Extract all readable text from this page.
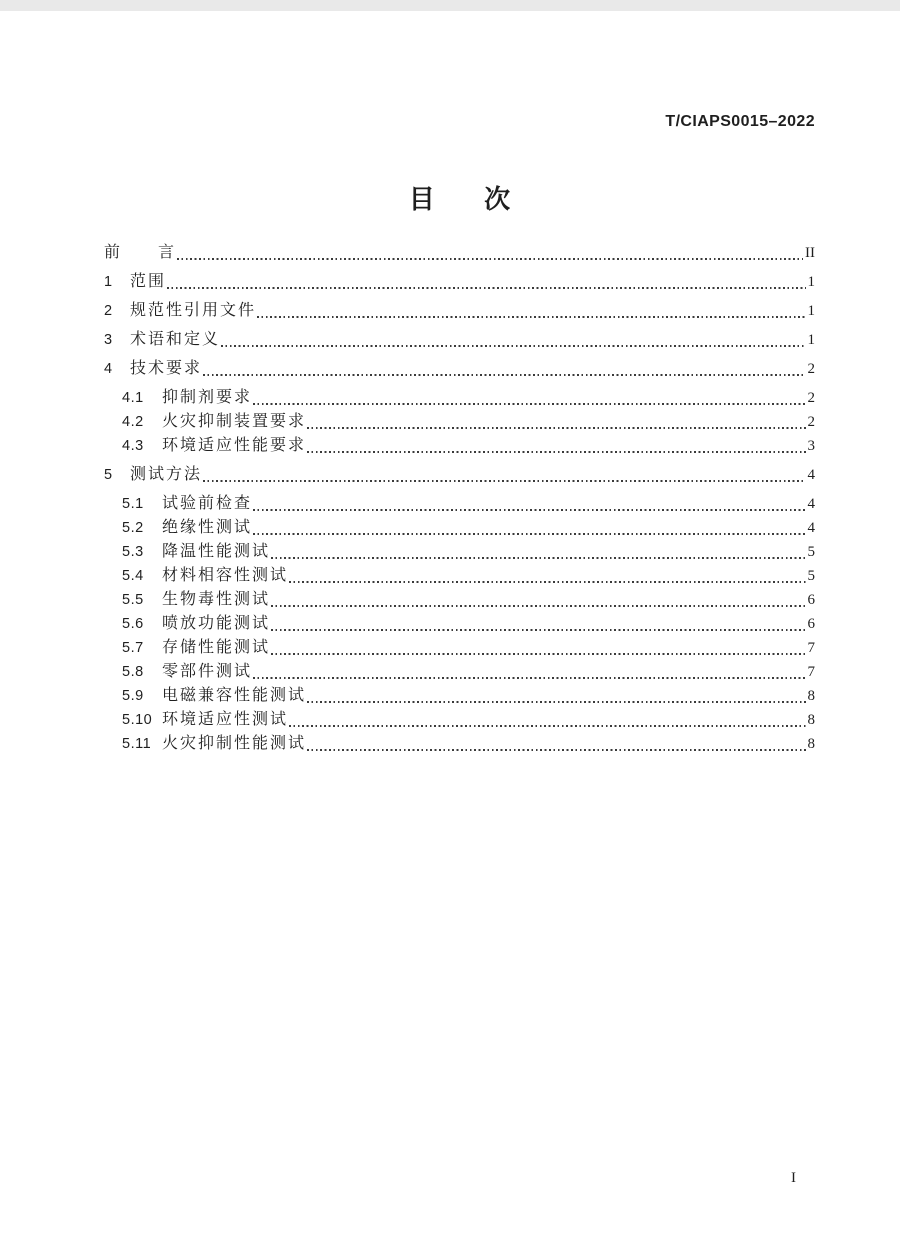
T/CIAPS0015–2022
目　次
前　　言	II
1	范围	1
2	规范性引用文件	1
3	术语和定义	1
4	技术要求	2
4.1	抑制剂要求	2
4.2	火灾抑制装置要求	2
4.3	环境适应性能要求	3
5	测试方法	4
5.1	试验前检查	4
5.2	绝缘性测试	4
5.3	降温性能测试	5
5.4	材料相容性测试	5
5.5	生物毒性测试	6
5.6	喷放功能测试	6
5.7	存储性能测试	7
5.8	零部件测试	7
5.9	电磁兼容性能测试	8
5.10 环境适应性测试	8
5.11 火灾抑制性能测试	8
I
